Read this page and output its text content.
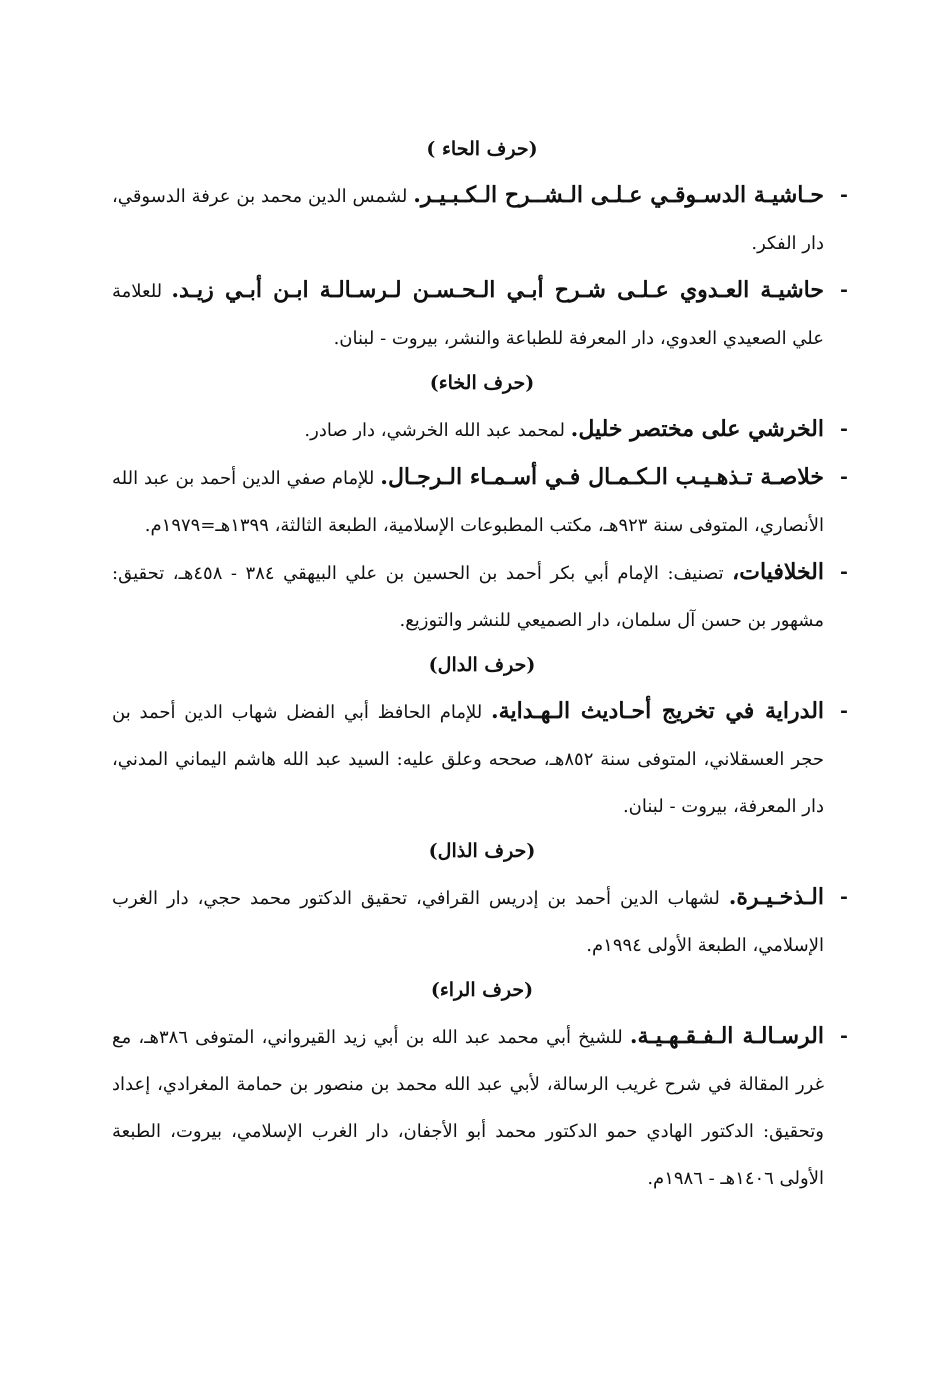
(حرف الحاء )

-
حـاشيـة الدسـوقـي عـلـى الـشــرح الـكـبـيـر. لشمس الدين محمد بن عرفة الدسوقي، دار الفكر.

-
حاشيـة العـدوي عـلـى شـرح أبـي الـحـسـن لـرسـالـة ابـن أبـي زيـد. للعلامة علي الصعيدي العدوي، دار المعرفة للطباعة والنشر، بيروت - لبنان.

(حرف الخاء)

-
الخرشي على مختصر خليل. لمحمد عبد الله الخرشي، دار صادر.

-
خلاصـة تـذهـيـب الـكـمـال فـي أسـمـاء الـرجـال. للإمام صفي الدين أحمد بن عبد الله الأنصاري، المتوفى سنة ٩٢٣هـ، مكتب المطبوعات الإسلامية، الطبعة الثالثة، ١٣٩٩هـ=١٩٧٩م.

-
الخلافيات، تصنيف: الإمام أبي بكر أحمد بن الحسين بن علي البيهقي ٣٨٤ - ٤٥٨هـ، تحقيق: مشهور بن حسن آل سلمان، دار الصميعي للنشر والتوزيع.

(حرف الدال)

-
الدراية في تخريج أحـاديث الـهـداية. للإمام الحافظ أبي الفضل شهاب الدين أحمد بن حجر العسقلاني، المتوفى سنة ٨٥٢هـ، صححه وعلق عليه: السيد عبد الله هاشم اليماني المدني، دار المعرفة، بيروت - لبنان.

(حرف الذال)

-
الـذخـيـرة. لشهاب الدين أحمد بن إدريس القرافي، تحقيق الدكتور محمد حجي، دار الغرب الإسلامي، الطبعة الأولى ١٩٩٤م.

(حرف الراء)

-
الرسـالـة الـفـقـهـيـة. للشيخ أبي محمد عبد الله بن أبي زيد القيرواني، المتوفى ٣٨٦هـ، مع غرر المقالة في شرح غريب الرسالة، لأبي عبد الله محمد بن منصور بن حمامة المغرادي، إعداد وتحقيق: الدكتور الهادي حمو الدكتور محمد أبو الأجفان، دار الغرب الإسلامي، بيروت، الطبعة الأولى ١٤٠٦هـ - ١٩٨٦م.
